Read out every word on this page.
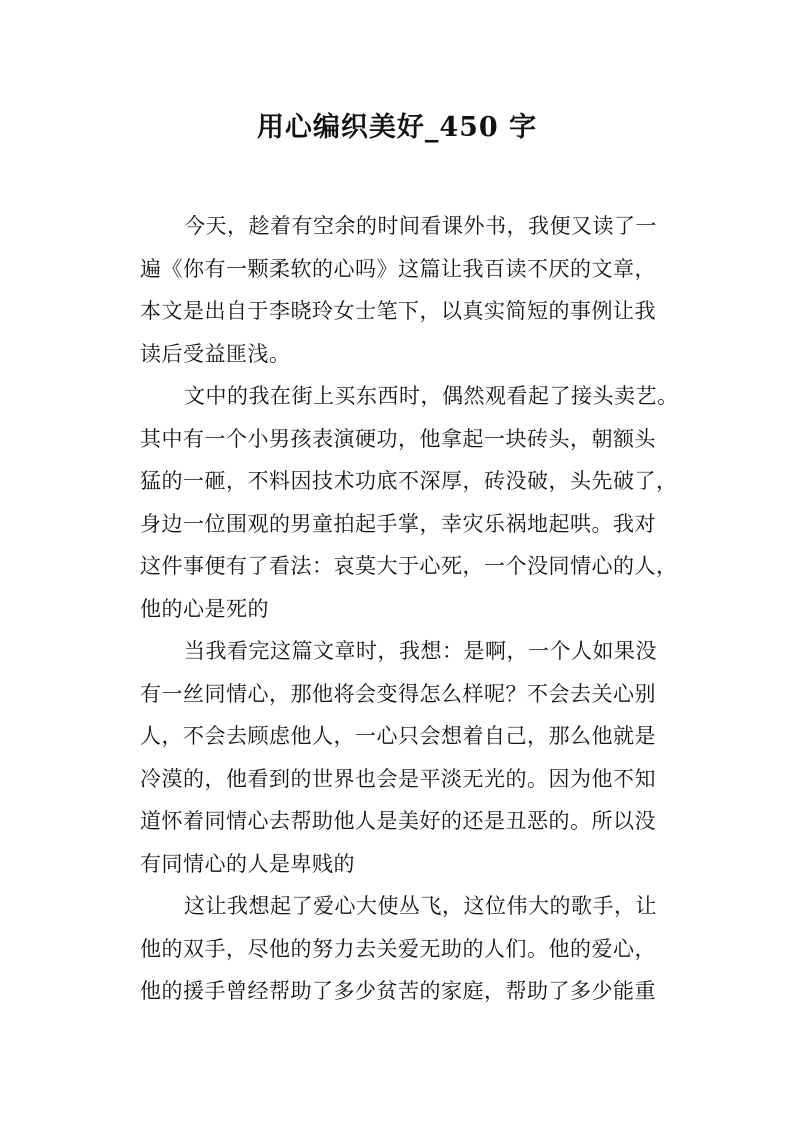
用心编织美好_450 字

今天，趁着有空余的时间看课外书，我便又读了一
遍《你有一颗柔软的心吗》这篇让我百读不厌的文章，
本文是出自于李晓玲女士笔下，以真实简短的事例让我
读后受益匪浅。

文中的我在街上买东西时，偶然观看起了接头卖艺。
其中有一个小男孩表演硬功，他拿起一块砖头，朝额头
猛的一砸，不料因技术功底不深厚，砖没破，头先破了，
身边一位围观的男童拍起手掌，幸灾乐祸地起哄。我对
这件事便有了看法：哀莫大于心死，一个没同情心的人，
他的心是死的

当我看完这篇文章时，我想：是啊，一个人如果没
有一丝同情心，那他将会变得怎么样呢？不会去关心别
人，不会去顾虑他人，一心只会想着自己，那么他就是
冷漠的，他看到的世界也会是平淡无光的。因为他不知
道怀着同情心去帮助他人是美好的还是丑恶的。所以没
有同情心的人是卑贱的

这让我想起了爱心大使丛飞，这位伟大的歌手，让
他的双手，尽他的努力去关爱无助的人们。他的爱心，
他的援手曾经帮助了多少贫苦的家庭，帮助了多少能重
